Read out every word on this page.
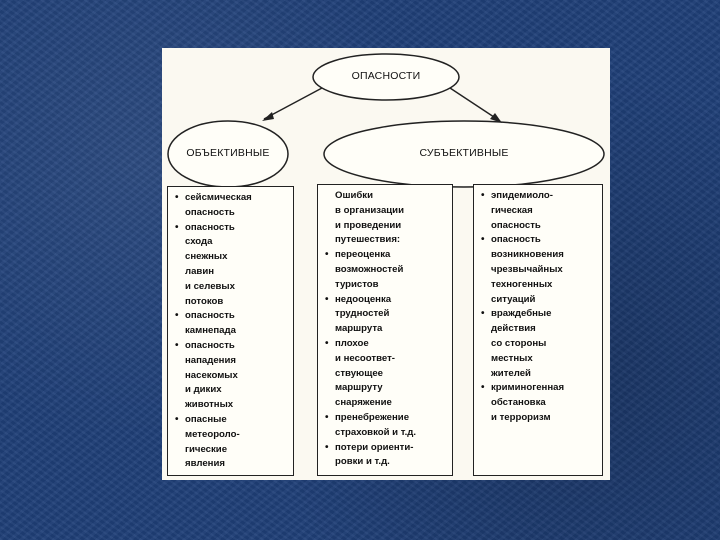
ОПАСНОСТИ
ОБЪЕКТИВНЫЕ	СУБЪЕКТИВНЫЕ
• сейсмическая
опасность
• опасность
схода
снежных
лавин
и селевых
потоков
• опасность
камнепада
• опасность
нападения
насекомых
и диких
животных
• опасные
метеороло-
гические
явления
Ошибки
в организации
и проведении
путешествия:
• переоценка
возможностей
туристов
• недооценка
трудностей
маршрута
• плохое
и несоответ-
ствующее
маршруту
снаряжение
• пренебрежение
страховкой и т.д.
• потери ориенти-
ровки и т.д.
• эпидемиоло-
гическая
опасность
• опасность
возникновения
чрезвычайных
техногенных
ситуаций
• враждебные
действия
со стороны
местных
жителей
• криминогенная
обстановка
и терроризм
